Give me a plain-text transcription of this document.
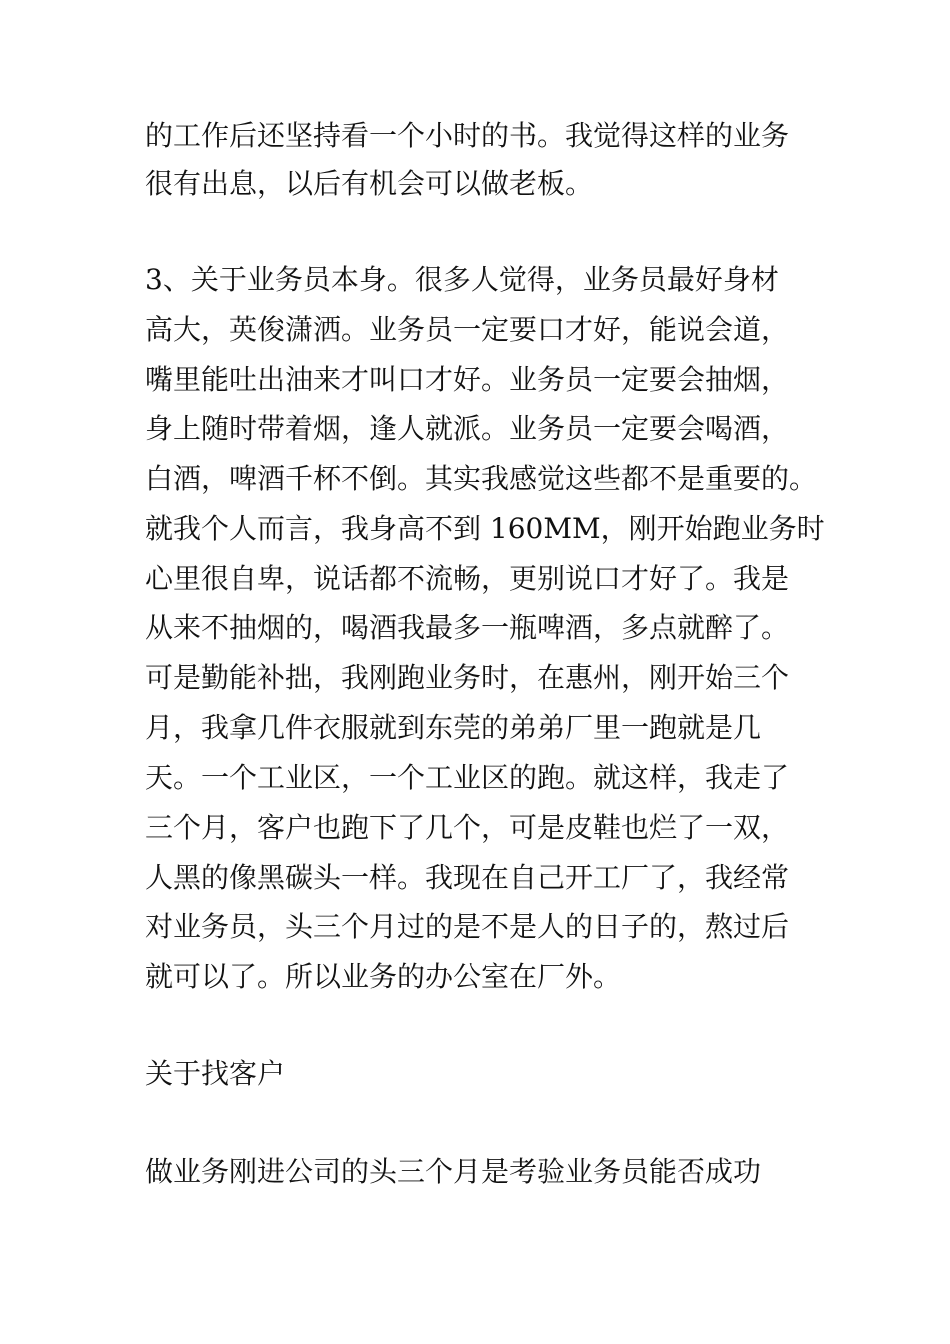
的工作后还坚持看一个小时的书。我觉得这样的业务
很有出息，以后有机会可以做老板。
3、关于业务员本身。很多人觉得，业务员最好身材
高大，英俊潇洒。业务员一定要口才好，能说会道，
嘴里能吐出油来才叫口才好。业务员一定要会抽烟，
身上随时带着烟，逢人就派。业务员一定要会喝酒，
白酒，啤酒千杯不倒。其实我感觉这些都不是重要的。
就我个人而言，我身高不到 160MM，刚开始跑业务时
心里很自卑，说话都不流畅，更别说口才好了。我是
从来不抽烟的，喝酒我最多一瓶啤酒，多点就醉了。
可是勤能补拙，我刚跑业务时，在惠州，刚开始三个
月，我拿几件衣服就到东莞的弟弟厂里一跑就是几
天。一个工业区，一个工业区的跑。就这样，我走了
三个月，客户也跑下了几个，可是皮鞋也烂了一双，
人黑的像黑碳头一样。我现在自己开工厂了，我经常
对业务员，头三个月过的是不是人的日子的，熬过后
就可以了。所以业务的办公室在厂外。
关于找客户
做业务刚进公司的头三个月是考验业务员能否成功
